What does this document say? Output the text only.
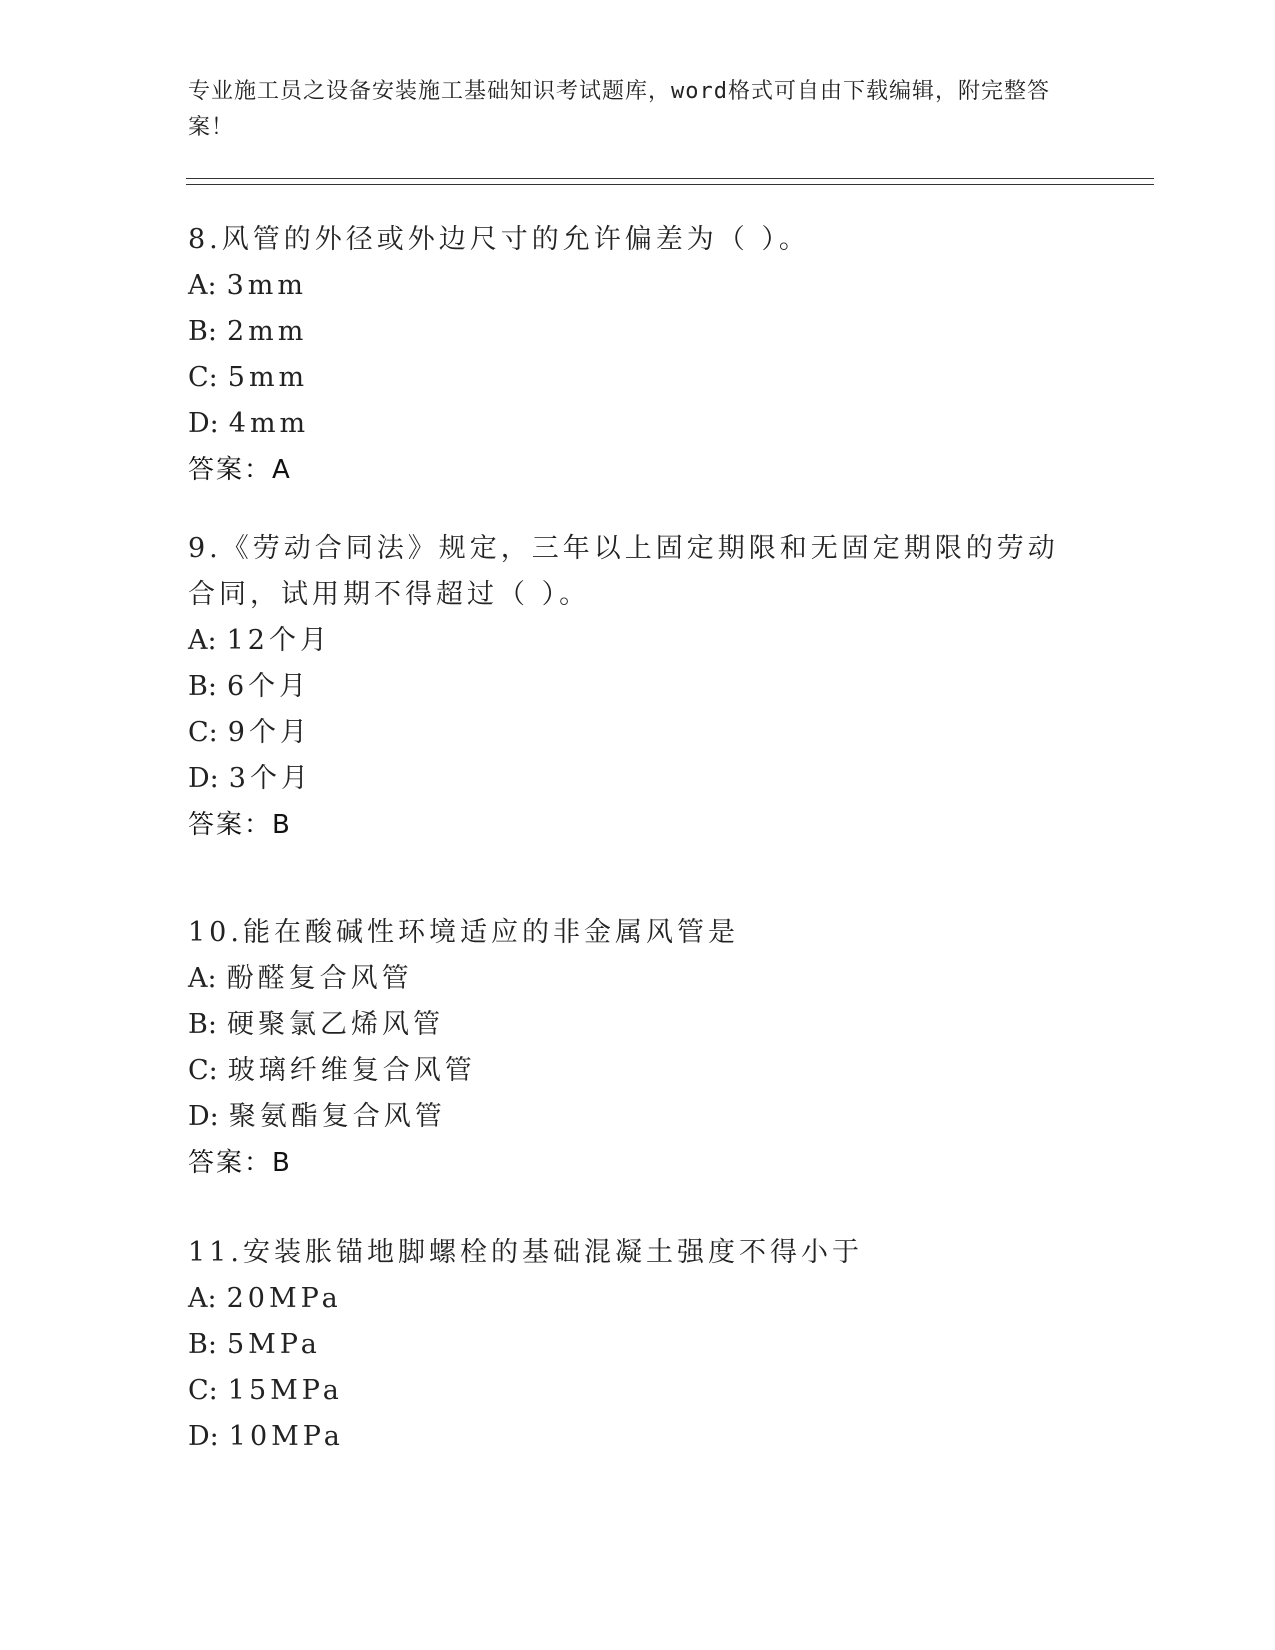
专业施工员之设备安装施工基础知识考试题库，word格式可自由下载编辑，附完整答案！
8.风管的外径或外边尺寸的允许偏差为（ ）。
A: 3mm
B: 2mm
C: 5mm
D: 4mm
答案：A
9.《劳动合同法》规定，三年以上固定期限和无固定期限的劳动合同，试用期不得超过（ ）。
A: 12个月
B: 6个月
C: 9个月
D: 3个月
答案：B
10.能在酸碱性环境适应的非金属风管是
A: 酚醛复合风管
B: 硬聚氯乙烯风管
C: 玻璃纤维复合风管
D: 聚氨酯复合风管
答案：B
11.安装胀锚地脚螺栓的基础混凝土强度不得小于
A: 20MPa
B: 5MPa
C: 15MPa
D: 10MPa
